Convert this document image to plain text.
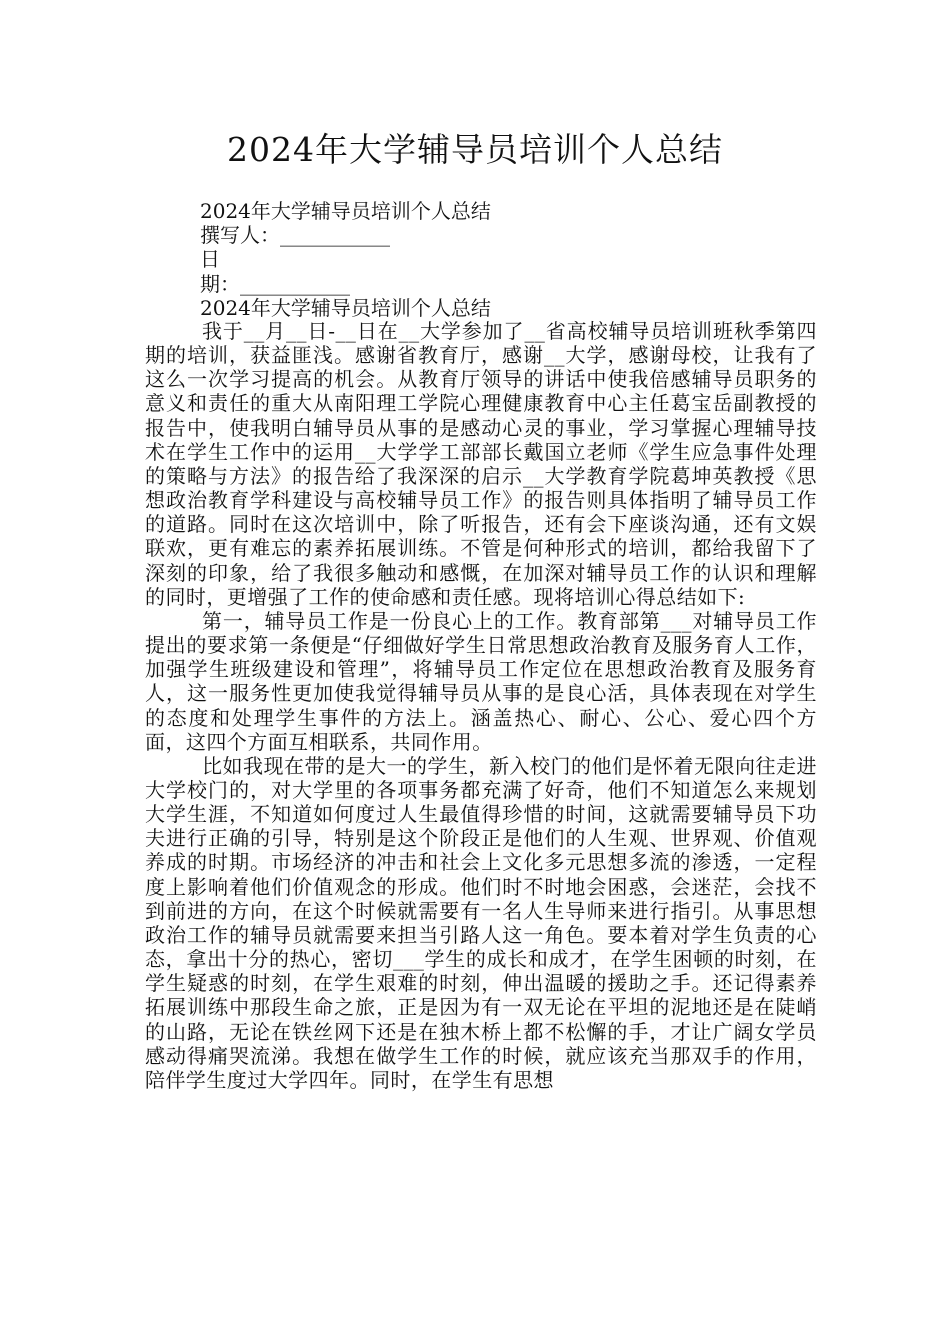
2024年大学辅导员培训个人总结
2024年大学辅导员培训个人总结
撰写人：___________
日
期：___________
2024年大学辅导员培训个人总结

我于__月__日-__日在__大学参加了__省高校辅导员培训班秋季第四期的培训，获益匪浅。感谢省教育厅，感谢__大学，感谢母校，让我有了这么一次学习提高的机会。从教育厅领导的讲话中使我倍感辅导员职务的意义和责任的重大从南阳理工学院心理健康教育中心主任葛宝岳副教授的报告中，使我明白辅导员从事的是感动心灵的事业，学习掌握心理辅导技术在学生工作中的运用__大学学工部部长戴国立老师《学生应急事件处理的策略与方法》的报告给了我深深的启示__大学教育学院葛坤英教授《思想政治教育学科建设与高校辅导员工作》的报告则具体指明了辅导员工作的道路。同时在这次培训中，除了听报告，还有会下座谈沟通，还有文娱联欢，更有难忘的素养拓展训练。不管是何种形式的培训，都给我留下了深刻的印象，给了我很多触动和感慨，在加深对辅导员工作的认识和理解的同时，更增强了工作的使命感和责任感。现将培训心得总结如下:

第一，辅导员工作是一份良心上的工作。教育部第___对辅导员工作提出的要求第一条便是“仔细做好学生日常思想政治教育及服务育人工作，加强学生班级建设和管理”，将辅导员工作定位在思想政治教育及服务育人，这一服务性更加使我觉得辅导员从事的是良心活，具体表现在对学生的态度和处理学生事件的方法上。涵盖热心、耐心、公心、爱心四个方面，这四个方面互相联系，共同作用。

比如我现在带的是大一的学生，新入校门的他们是怀着无限向往走进大学校门的，对大学里的各项事务都充满了好奇，他们不知道怎么来规划大学生涯，不知道如何度过人生最值得珍惜的时间，这就需要辅导员下功夫进行正确的引导，特别是这个阶段正是他们的人生观、世界观、价值观养成的时期。市场经济的冲击和社会上文化多元思想多流的渗透，一定程度上影响着他们价值观念的形成。他们时不时地会困惑，会迷茫，会找不到前进的方向，在这个时候就需要有一名人生导师来进行指引。从事思想政治工作的辅导员就需要来担当引路人这一角色。要本着对学生负责的心态，拿出十分的热心，密切___学生的成长和成才，在学生困顿的时刻，在学生疑惑的时刻，在学生艰难的时刻，伸出温暖的援助之手。还记得素养拓展训练中那段生命之旅，正是因为有一双无论在平坦的泥地还是在陡峭的山路，无论在铁丝网下还是在独木桥上都不松懈的手，才让广阔女学员感动得痛哭流涕。我想在做学生工作的时候，就应该充当那双手的作用，陪伴学生度过大学四年。同时，在学生有思想
